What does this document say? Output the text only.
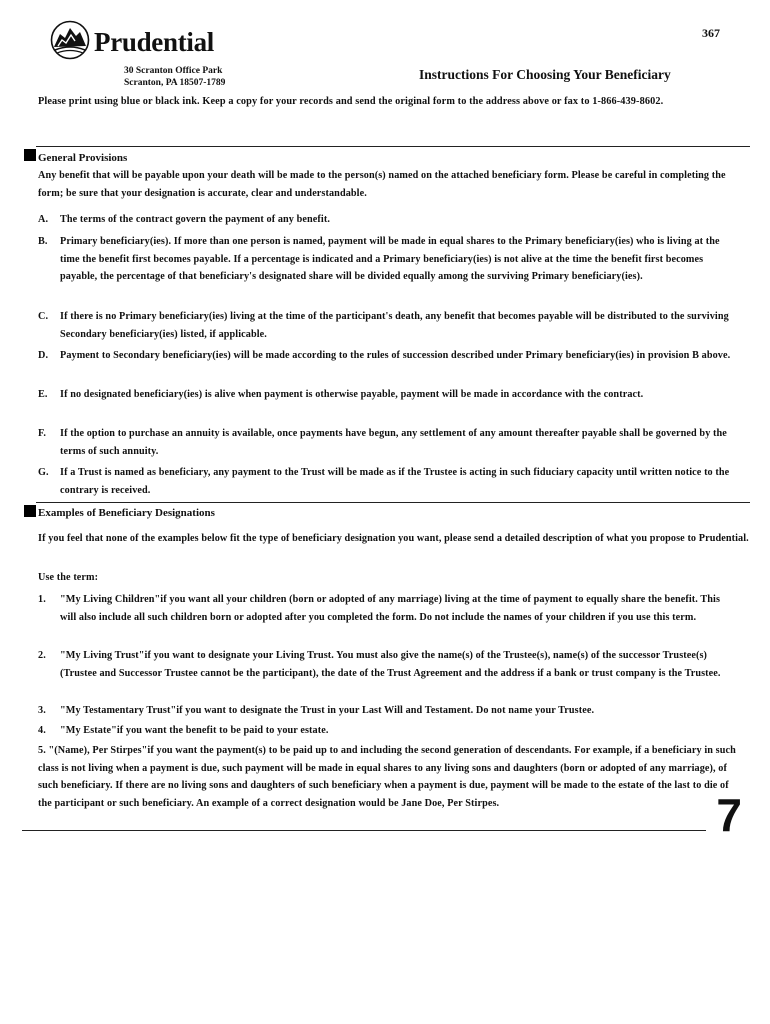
Prudential	367
30 Scranton Office Park
Scranton, PA 18507-1789
Instructions For Choosing Your Beneficiary
Please print using blue or black ink. Keep a copy for your records and send the original form to the address above or fax to 1-866-439-8602.
General Provisions
Any benefit that will be payable upon your death will be made to the person(s) named on the attached beneficiary form. Please be careful in completing the form; be sure that your designation is accurate, clear and understandable.
A. The terms of the contract govern the payment of any benefit.
B. Primary beneficiary(ies). If more than one person is named, payment will be made in equal shares to the Primary beneficiary(ies) who is living at the time the benefit first becomes payable. If a percentage is indicated and a Primary beneficiary(ies) is not alive at the time the benefit first becomes payable, the percentage of that beneficiary's designated share will be divided equally among the surviving Primary beneficiary(ies).
C. If there is no Primary beneficiary(ies) living at the time of the participant's death, any benefit that becomes payable will be distributed to the surviving Secondary beneficiary(ies) listed, if applicable.
D. Payment to Secondary beneficiary(ies) will be made according to the rules of succession described under Primary beneficiary(ies) in provision B above.
E. If no designated beneficiary(ies) is alive when payment is otherwise payable, payment will be made in accordance with the contract.
F. If the option to purchase an annuity is available, once payments have begun, any settlement of any amount thereafter payable shall be governed by the terms of such annuity.
G. If a Trust is named as beneficiary, any payment to the Trust will be made as if the Trustee is acting in such fiduciary capacity until written notice to the contrary is received.
Examples of Beneficiary Designations
If you feel that none of the examples below fit the type of beneficiary designation you want, please send a detailed description of what you propose to Prudential.
Use the term:
1. "My Living Children"if you want all your children (born or adopted of any marriage) living at the time of payment to equally share the benefit. This will also include all such children born or adopted after you completed the form. Do not include the names of your children if you use this term.
2. "My Living Trust"if you want to designate your Living Trust. You must also give the name(s) of the Trustee(s), name(s) of the successor Trustee(s) (Trustee and Successor Trustee cannot be the participant), the date of the Trust Agreement and the address if a bank or trust company is the Trustee.
3. "My Testamentary Trust"if you want to designate the Trust in your Last Will and Testament. Do not name your Trustee.
4. "My Estate"if you want the benefit to be paid to your estate.
5. "(Name), Per Stirpes"if you want the payment(s) to be paid up to and including the second generation of descendants. For example, if a beneficiary in such class is not living when a payment is due, such payment will be made in equal shares to any living sons and daughters (born or adopted of any marriage), of such beneficiary. If there are no living sons and daughters of such beneficiary when a payment is due, payment will be made to the estate of the last to die of the participant or such beneficiary. An example of a correct designation would be Jane Doe, Per Stirpes.	7
